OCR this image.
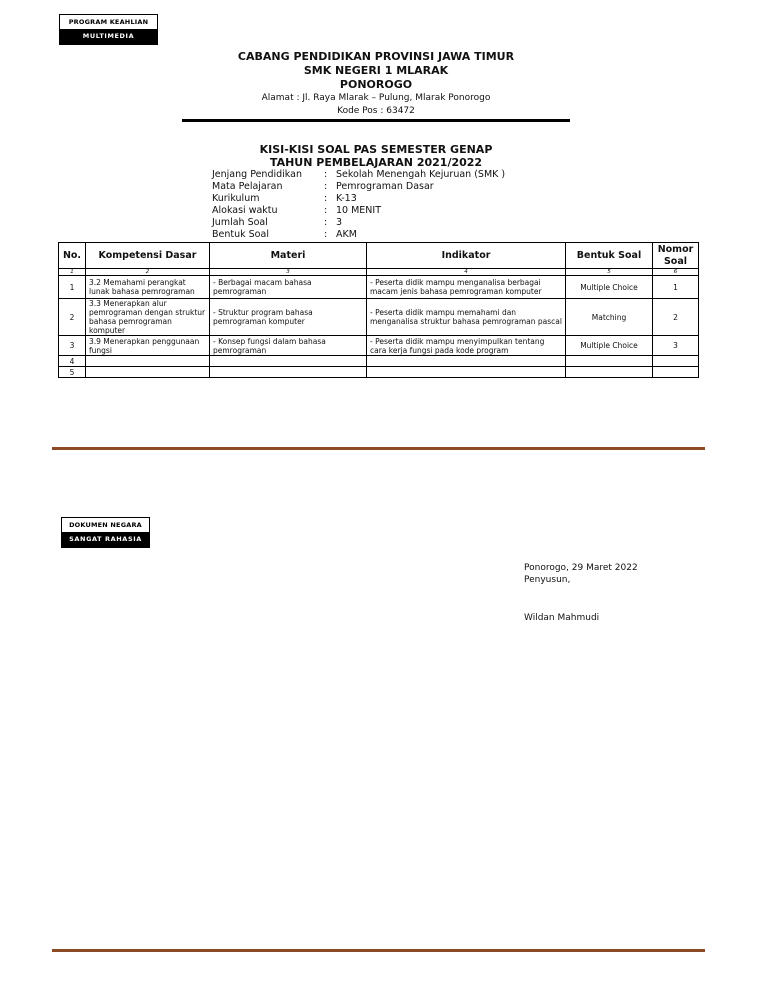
PROGRAM KEAHLIAN
MULTIMEDIA
CABANG PENDIDIKAN PROVINSI JAWA TIMUR
SMK NEGERI 1 MLARAK
PONOROGO
Alamat : Jl. Raya Mlarak – Pulung, Mlarak Ponorogo
Kode Pos : 63472
KISI-KISI SOAL PAS SEMESTER GENAP
TAHUN PEMBELAJARAN 2021/2022
Jenjang Pendidikan	: Sekolah Menengah Kejuruan (SMK )
Mata Pelajaran	: Pemrograman Dasar
Kurikulum	: K-13
Alokasi waktu	: 10 MENIT
Jumlah Soal	: 3
Bentuk Soal	: AKM
No.	Kompetensi Dasar	Materi	Indikator	Bentuk Soal	Nomor Soal
1	2	3	4	5	6
1	3.2 Memahami perangkat lunak bahasa pemrograman	- Berbagai macam bahasa pemrograman	- Peserta didik mampu menganalisa berbagai macam jenis bahasa pemrograman komputer	Multiple Choice	1
2	3.3 Menerapkan alur pemrograman dengan struktur bahasa pemrograman komputer	- Struktur program bahasa pemrograman komputer	- Peserta didik mampu memahami dan menganalisa struktur bahasa pemrograman pascal	Matching	2
3	3.9 Menerapkan penggunaan fungsi	- Konsep fungsi dalam bahasa pemrograman	- Peserta didik mampu menyimpulkan tentang cara kerja fungsi pada kode program	Multiple Choice	3
4					
5					
DOKUMEN NEGARA
SANGAT RAHASIA
Ponorogo, 29 Maret 2022
Penyusun,
Wildan Mahmudi
